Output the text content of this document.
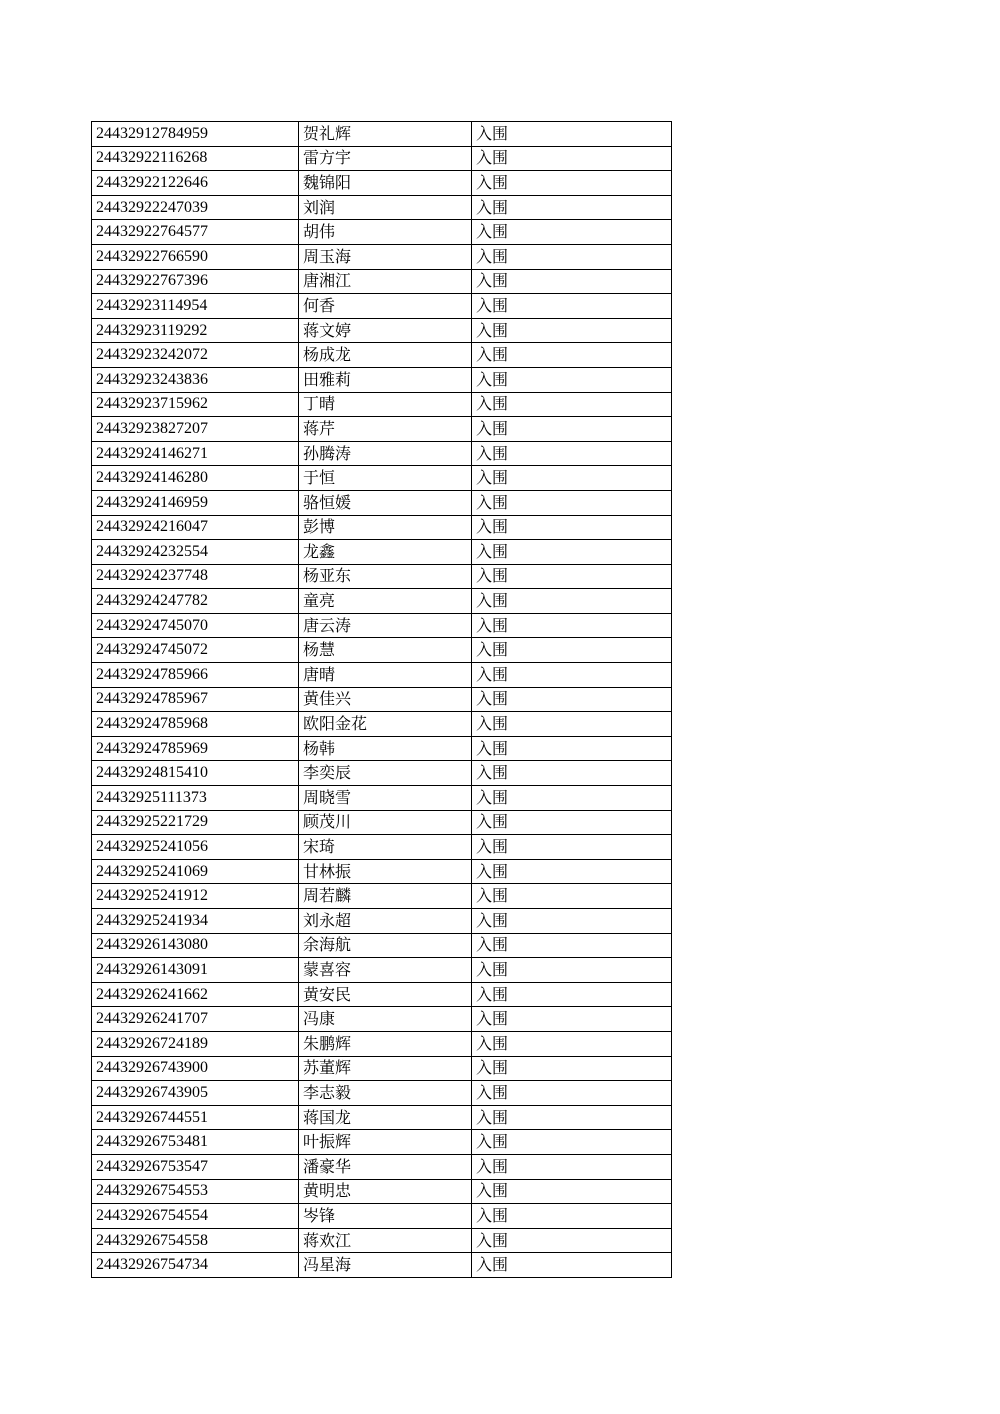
24432912784959	贺礼辉	入围
24432922116268	雷方宇	入围
24432922122646	魏锦阳	入围
24432922247039	刘润	入围
24432922764577	胡伟	入围
24432922766590	周玉海	入围
24432922767396	唐湘江	入围
24432923114954	何香	入围
24432923119292	蒋文婷	入围
24432923242072	杨成龙	入围
24432923243836	田雅莉	入围
24432923715962	丁晴	入围
24432923827207	蒋芹	入围
24432924146271	孙腾涛	入围
24432924146280	于恒	入围
24432924146959	骆恒媛	入围
24432924216047	彭博	入围
24432924232554	龙鑫	入围
24432924237748	杨亚东	入围
24432924247782	童亮	入围
24432924745070	唐云涛	入围
24432924745072	杨慧	入围
24432924785966	唐晴	入围
24432924785967	黄佳兴	入围
24432924785968	欧阳金花	入围
24432924785969	杨韩	入围
24432924815410	李奕辰	入围
24432925111373	周晓雪	入围
24432925221729	顾茂川	入围
24432925241056	宋琦	入围
24432925241069	甘林振	入围
24432925241912	周若麟	入围
24432925241934	刘永超	入围
24432926143080	余海航	入围
24432926143091	蒙喜容	入围
24432926241662	黄安民	入围
24432926241707	冯康	入围
24432926724189	朱鹏辉	入围
24432926743900	苏董辉	入围
24432926743905	李志毅	入围
24432926744551	蒋国龙	入围
24432926753481	叶振辉	入围
24432926753547	潘豪华	入围
24432926754553	黄明忠	入围
24432926754554	岑锋	入围
24432926754558	蒋欢江	入围
24432926754734	冯星海	入围
